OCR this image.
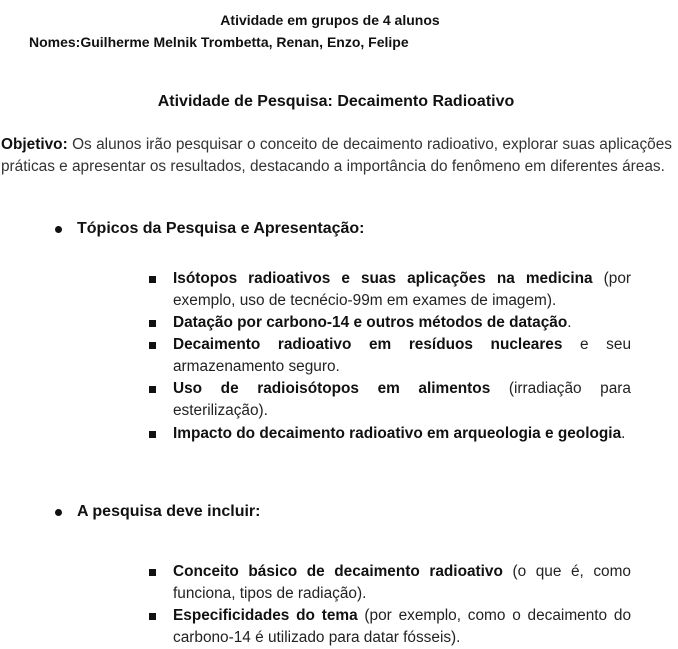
Atividade em grupos de 4 alunos
Nomes:Guilherme Melnik Trombetta, Renan, Enzo, Felipe
Atividade de Pesquisa: Decaimento Radioativo
Objetivo: Os alunos irão pesquisar o conceito de decaimento radioativo, explorar suas aplicações práticas e apresentar os resultados, destacando a importância do fenômeno em diferentes áreas.
Tópicos da Pesquisa e Apresentação:
Isótopos radioativos e suas aplicações na medicina (por exemplo, uso de tecnécio-99m em exames de imagem).
Datação por carbono-14 e outros métodos de datação.
Decaimento radioativo em resíduos nucleares e seu armazenamento seguro.
Uso de radioisótopos em alimentos (irradiação para esterilização).
Impacto do decaimento radioativo em arqueologia e geologia.
A pesquisa deve incluir:
Conceito básico de decaimento radioativo (o que é, como funciona, tipos de radiação).
Especificidades do tema (por exemplo, como o decaimento do carbono-14 é utilizado para datar fósseis).
